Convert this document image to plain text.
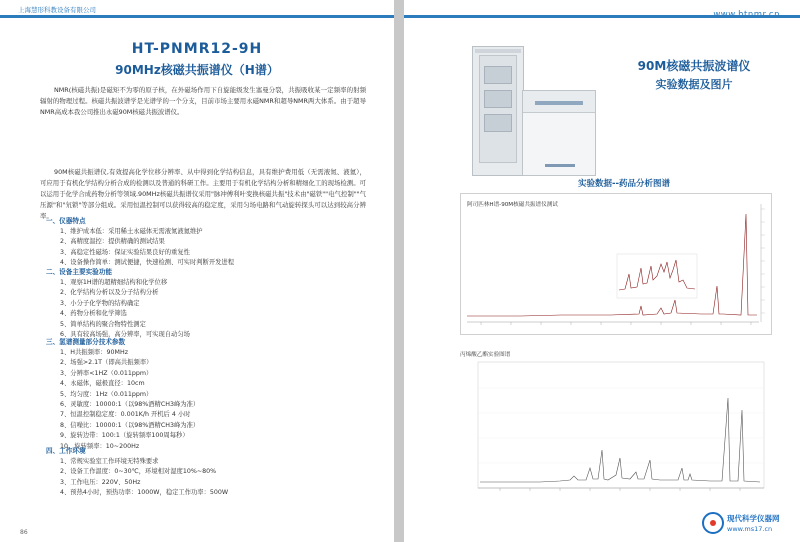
上海慧形科教设备有限公司
HT-PNMR12-9H
90MHz核磁共振谱仪（H谱）

NMR(核磁共振)是磁矩不为零的原子核，在外磁场作用下自旋能级发生塞曼分裂，共振吸收某一定频率的射频辐射的物理过程。核磁共振波谱学是光谱学的一个分支，目前市场主要用永磁NMR和超导NMR两大体系。由于超导NMR高成本我公司推出永磁90M核磁共振波谱仪。

90M核磁共振谱仪,有效提高化学位移分辨率、从中得到化学结构信息，具有维护费用低（无需液氮、液氦），可应用于有机化学结构分析合成的检测以及普通的科研工作。主要用于有机化学结构分析和精细化工的现场检测。可以运用于化学合成药物分析等领域.90MHz核磁共振谱仪采用"脉冲傅利叶变换核磁共振"技术由"磁铁""电气控制""气压源"和"氘锁"等部分组成。采用恒温控制可以获得较高的稳定度，采用匀场电路和气动旋转探头可以达到较高分辨率。

一、仪器特点
1、维护成本低：采用稀土永磁体无需液氮液氦维护
2、高精度温控：提供精确的测试结果
3、高稳定性磁场：保证实验结果良好的重复性
4、设备操作简单：测试便捷，快速检测、可实时判断开发进程
二、设备主要实验功能
1、观察1H谱的超精细结构和化学位移
2、化学结构分析以及分子结构分析
3、小分子化学物的结构确定
4、药物分析和化学筛选
5、简单结构的聚合物特性测定
6、具有较高场强，高分辨率，可实现自动匀场
三、氢谱测量部分技术参数
1、H共振频率：90MHz
2、场强>2.1T（即高共振频率）
3、分辨率<1HZ（0.011ppm）
4、永磁体，磁极直径：10cm
5、均匀度：1Hz（0.011ppm）
6、灵敏度：10000:1（以98%酒精CH3峰为准）
7、恒温控制稳定度：0.001K/h 开机后 4 小时
8、信噪比：10000:1（以98%酒精CH3峰为准）
9、旋转边带：100:1（旋转频率100周每秒）
10、旋转频率：10~200Hz
四、工作环境
1、常规实验室工作环境无特殊要求
2、设备工作温度：0~30℃，环境相对湿度10%~80%
3、工作电压：220V、50Hz
4、预热4小时，预热功率：1000W，稳定工作功率：500W
86
90M核磁共振波谱仪
实验数据及图片
实验数据--药品分析图谱
阿司匹林H谱-90M核磁共振谱仪测试
丙烯酸乙酯实验图谱
现代科学仪器网
www.ms17.cn
